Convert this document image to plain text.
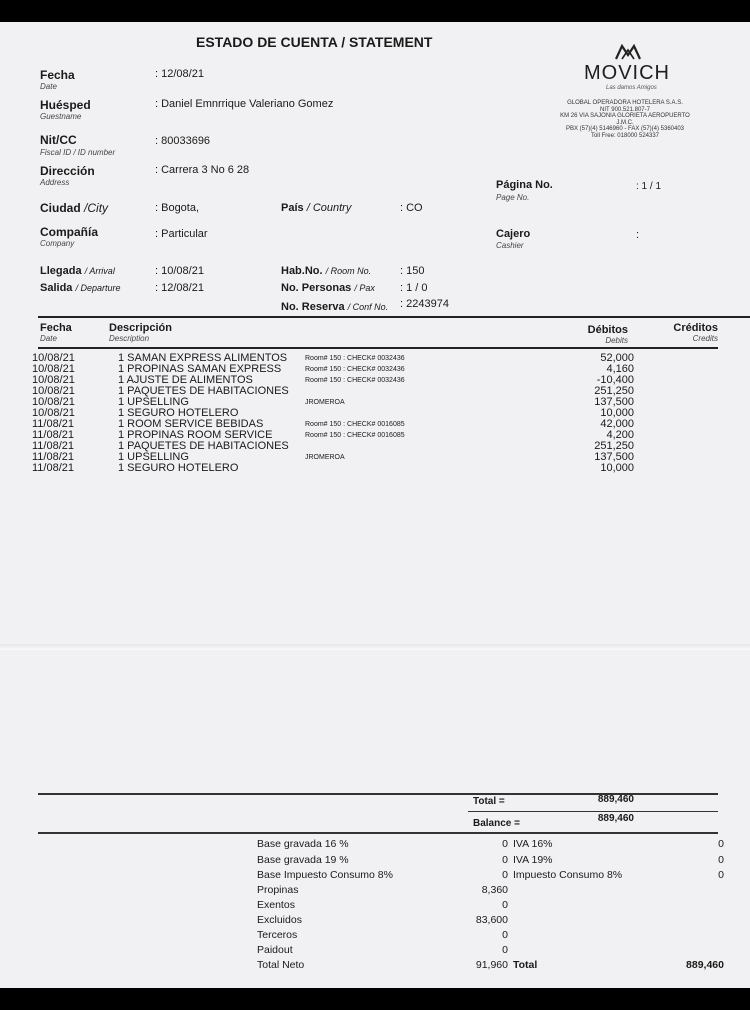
ESTADO DE CUENTA / STATEMENT
MOVICH
Las damos Amigos
GLOBAL OPERADORA HOTELERA S.A.S.
NIT 900.521.807-7
KM 26 VIA SAJONIA GLORIETA AEROPUERTO
J.M.C.
PBX (57)(4) 5146960 - FAX (57)(4) 5360403
Toll Free: 018000 524337
Fecha
Date
: 12/08/21
Huésped
Guestname
: Daniel Emnrrique Valeriano Gomez
Nit/CC
Fiscal ID / ID number
: 80033696
Dirección
Address
: Carrera 3 No 6 28
Página No.
Page No.
: 1 / 1
Ciudad /City	: Bogota,	País / Country	: CO
Compañía
Company
: Particular	Cajero
Cashier
:
Llegada / Arrival	: 10/08/21	Hab.No. / Room No.	: 150
Salida / Departure	: 12/08/21	No. Personas / Pax : 1 / 0
No. Reserva / Conf No. : 2243974
Fecha
Date
Descripción
Description
Débitos
Debits
Créditos
Credits
10/08/21	1 SAMAN EXPRESS ALIMENTOS	Room# 150 : CHECK# 0032436	52,000
10/08/21	1 PROPINAS SAMAN EXPRESS	Room# 150 : CHECK# 0032436	4,160
10/08/21	1 AJUSTE DE ALIMENTOS	Room# 150 : CHECK# 0032436	-10,400
10/08/21	1 PAQUETES DE HABITACIONES	251,250
10/08/21	1 UPSELLING	JROMEROA	137,500
10/08/21	1 SEGURO HOTELERO	10,000
11/08/21	1 ROOM SERVICE BEBIDAS	Room# 150 : CHECK# 0016085	42,000
11/08/21	1 PROPINAS ROOM SERVICE	Room# 150 : CHECK# 0016085	4,200
11/08/21	1 PAQUETES DE HABITACIONES	251,250
11/08/21	1 UPSELLING	JROMEROA	137,500
11/08/21	1 SEGURO HOTELERO	10,000
Total =	889,460
Balance =	889,460
Base gravada 16 %	0 IVA 16%	0
Base gravada 19 %	0 IVA 19%	0
Base Impuesto Consumo 8%	0 Impuesto Consumo 8%	0
Propinas	8,360
Exentos	0
Excluidos	83,600
Terceros	0
Paidout	0
Total Neto	91,960 Total	889,460
